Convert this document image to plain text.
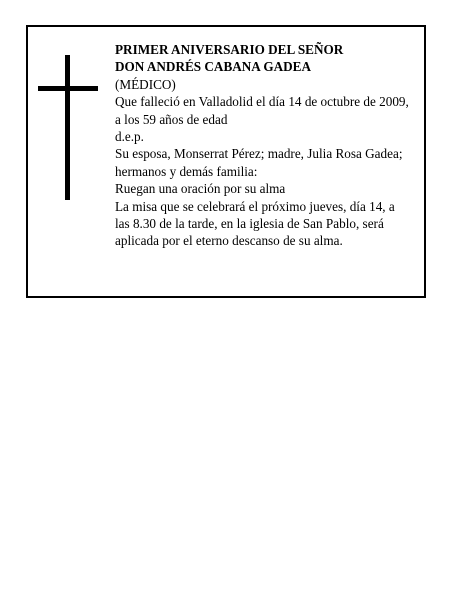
PRIMER ANIVERSARIO DEL SEÑOR
DON ANDRÉS CABANA GADEA
(MÉDICO)
Que falleció en Valladolid el día 14 de octubre de 2009,
a los 59 años de edad
d.e.p.
Su esposa, Monserrat Pérez; madre, Julia Rosa Gadea;
hermanos y demás familia:
Ruegan una oración por su alma
La misa que se celebrará el próximo jueves, día 14, a
las 8.30 de la tarde, en la iglesia de San Pablo, será
aplicada por el eterno descanso de su alma.
